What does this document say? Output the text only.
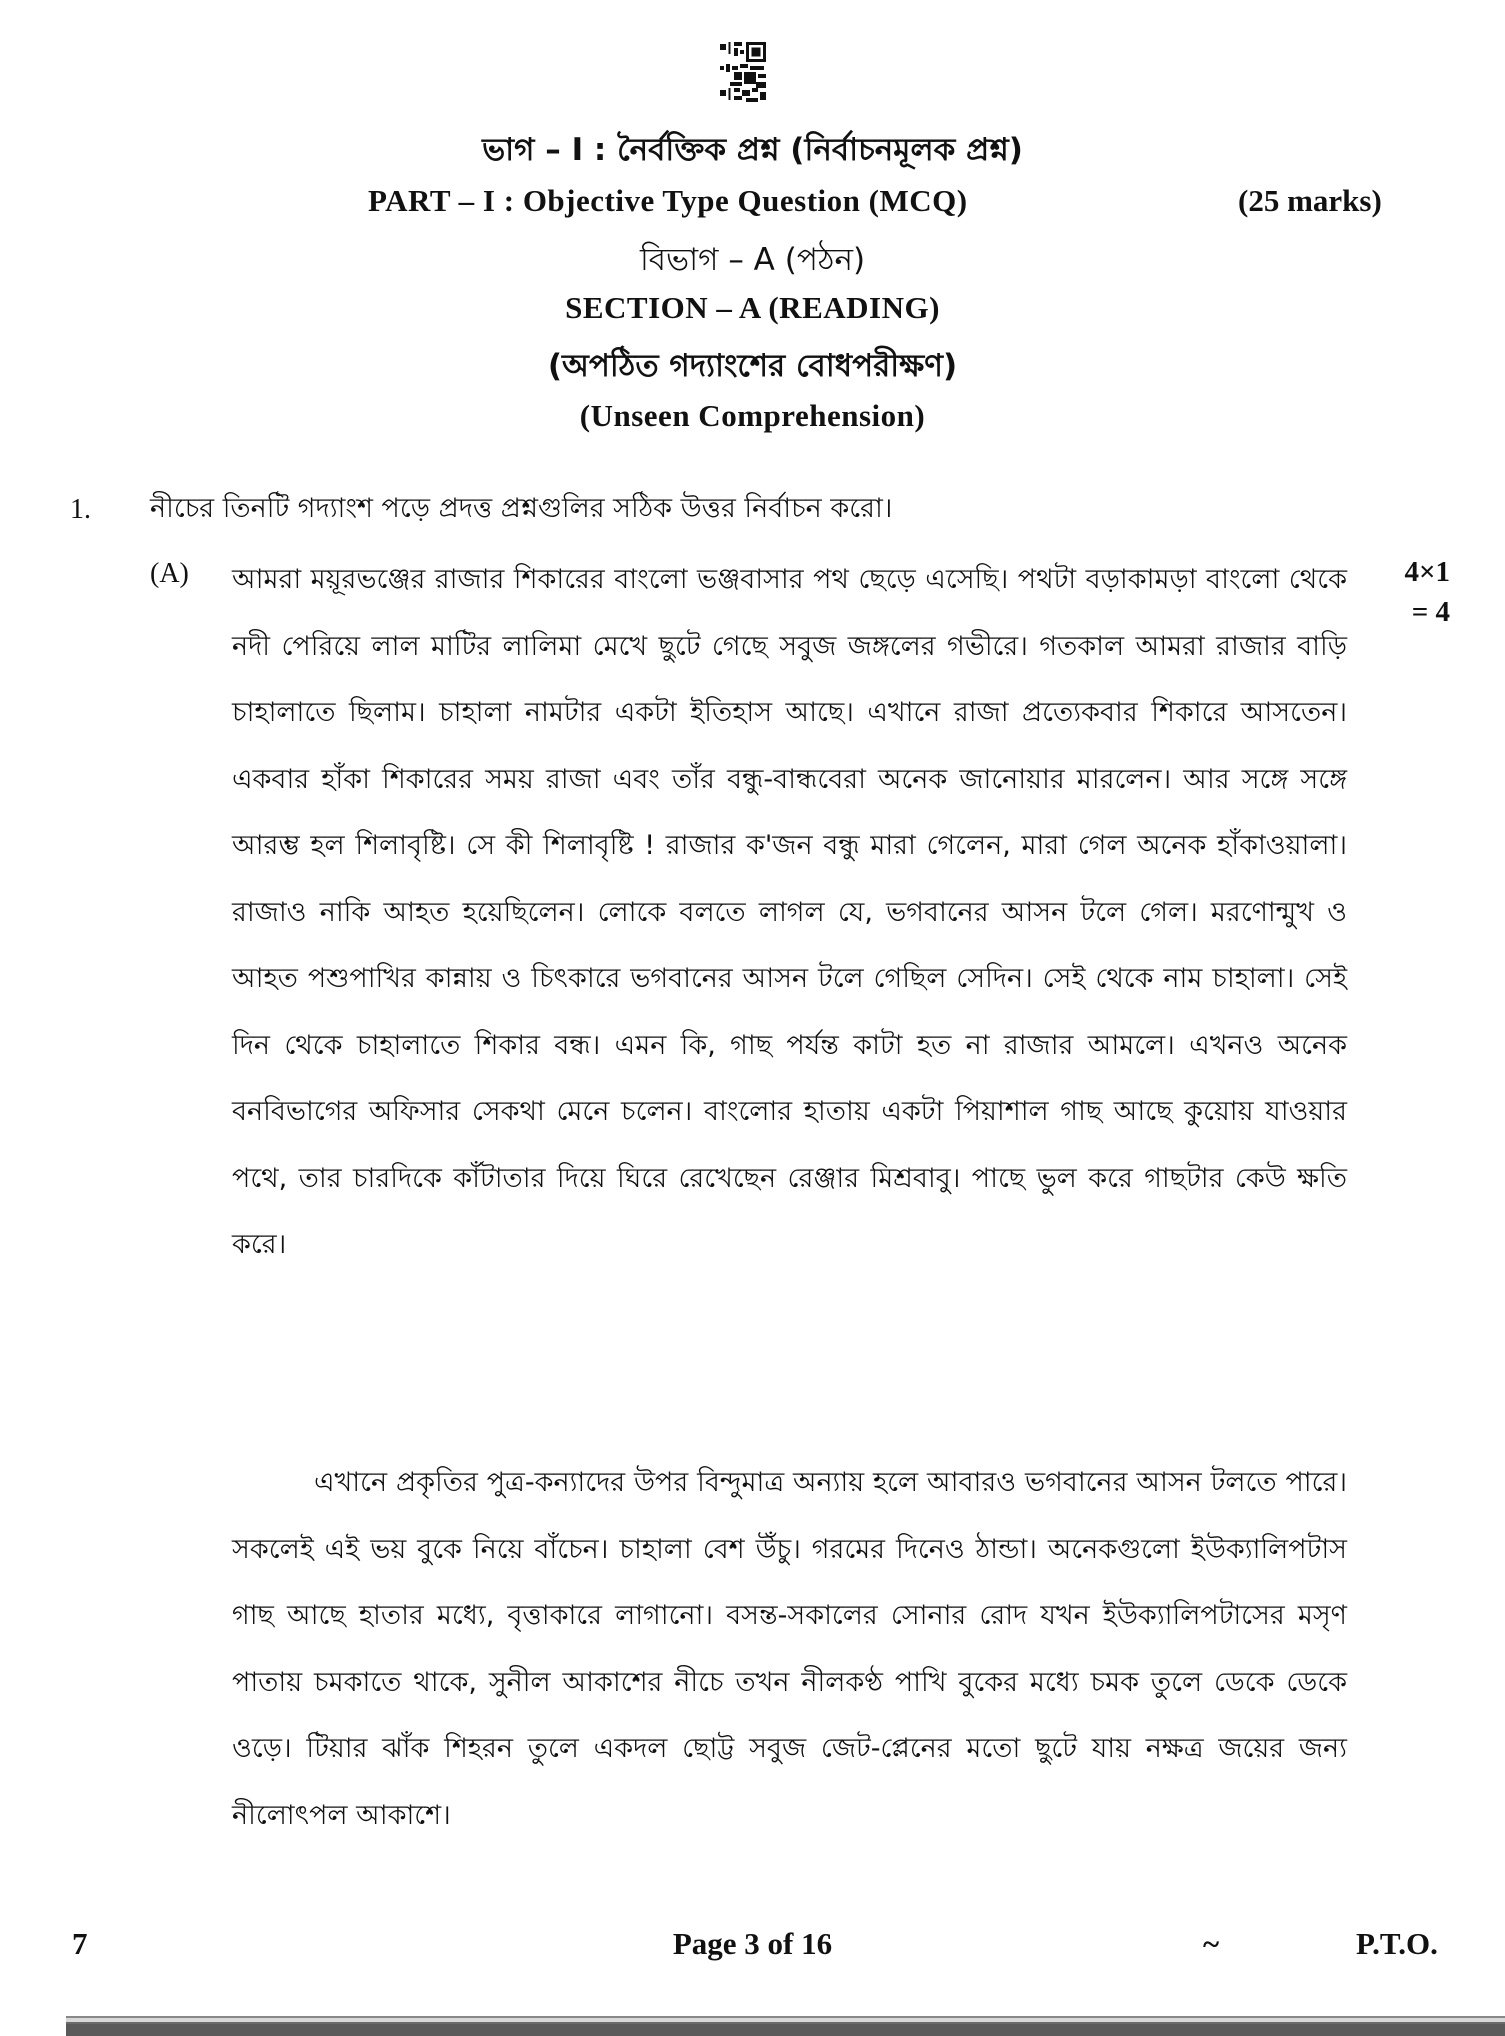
ভাগ – I : নৈর্বক্তিক প্রশ্ন (নির্বাচনমূলক প্রশ্ন)
PART – I : Objective Type Question (MCQ)	(25 marks)
বিভাগ – A (পঠন)
SECTION – A (READING)
(অপঠিত গদ্যাংশের বোধপরীক্ষণ)
(Unseen Comprehension)
1. নীচের তিনটি গদ্যাংশ পড়ে প্রদত্ত প্রশ্নগুলির সঠিক উত্তর নির্বাচন করো।
(A)	4×1
= 4

আমরা ময়ূরভঞ্জের রাজার শিকারের বাংলো ভঞ্জবাসার পথ ছেড়ে এসেছি। পথটা বড়াকামড়া বাংলো থেকে নদী পেরিয়ে লাল মাটির লালিমা মেখে ছুটে গেছে সবুজ জঙ্গলের গভীরে। গতকাল আমরা রাজার বাড়ি চাহালাতে ছিলাম। চাহালা নামটার একটা ইতিহাস আছে। এখানে রাজা প্রত্যেকবার শিকারে আসতেন। একবার হাঁকা শিকারের সময় রাজা এবং তাঁর বন্ধু-বান্ধবেরা অনেক জানোয়ার মারলেন। আর সঙ্গে সঙ্গে আরম্ভ হল শিলাবৃষ্টি। সে কী শিলাবৃষ্টি ! রাজার ক'জন বন্ধু মারা গেলেন, মারা গেল অনেক হাঁকাওয়ালা। রাজাও নাকি আহত হয়েছিলেন। লোকে বলতে লাগল যে, ভগবানের আসন টলে গেল। মরণোন্মুখ ও আহত পশুপাখির কান্নায় ও চিৎকারে ভগবানের আসন টলে গেছিল সেদিন। সেই থেকে নাম চাহালা। সেই দিন থেকে চাহালাতে শিকার বন্ধ। এমন কি, গাছ পর্যন্ত কাটা হত না রাজার আমলে। এখনও অনেক বনবিভাগের অফিসার সেকথা মেনে চলেন। বাংলোর হাতায় একটা পিয়াশাল গাছ আছে কুয়োয় যাওয়ার পথে, তার চারদিকে কাঁটাতার দিয়ে ঘিরে রেখেছেন রেঞ্জার মিশ্রবাবু। পাছে ভুল করে গাছটার কেউ ক্ষতি করে।

এখানে প্রকৃতির পুত্র-কন্যাদের উপর বিন্দুমাত্র অন্যায় হলে আবারও ভগবানের আসন টলতে পারে। সকলেই এই ভয় বুকে নিয়ে বাঁচেন। চাহালা বেশ উঁচু। গরমের দিনেও ঠান্ডা। অনেকগুলো ইউক্যালিপটাস গাছ আছে হাতার মধ্যে, বৃত্তাকারে লাগানো। বসন্ত-সকালের সোনার রোদ যখন ইউক্যালিপটাসের মসৃণ পাতায় চমকাতে থাকে, সুনীল আকাশের নীচে তখন নীলকণ্ঠ পাখি বুকের মধ্যে চমক তুলে ডেকে ডেকে ওড়ে। টিয়ার ঝাঁক শিহরন তুলে একদল ছোট্ট সবুজ জেট-প্লেনের মতো ছুটে যায় নক্ষত্র জয়ের জন্য নীলোৎপল আকাশে।

7	Page 3 of 16	~	P.T.O.
